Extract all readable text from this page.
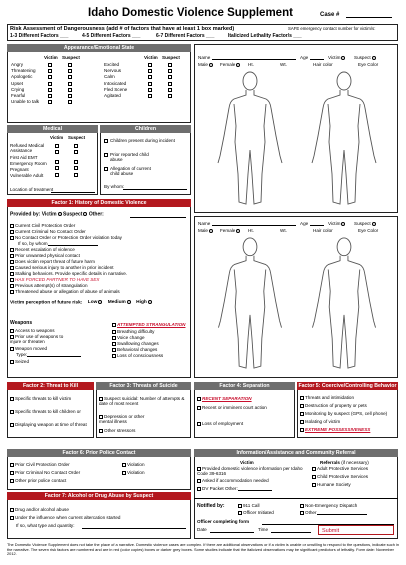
Idaho Domestic Violence Supplement	Case #
Risk Assessment of Dangerousness (add # of factors that have at least 1 box marked)	SAFE emergency contact number for victim/s:
1-3 Different Factors ___	4-5 Different Factors ___	6-7 Different Factors ___	Italicized Lethality Factor/s ___
Appearance/Emotional State
Victim Suspect	Victim Suspect
Angry
Threatening
Apologetic
Upset
Crying
Fearful
Unable to talk
Excited
Nervous
Calm
Intoxicated
Fled Scene
Agitated
Medical
Victim Suspect
Refused Medical Assistance
First Aid EMT
Emergency Room
Pregnant
Vulnerable Adult
Location of treatment
Children
Children present during incident
Prior reported child abuse
Allegation of current child abuse
By whom:
Name	Age	Victim	Suspect
Male	Female	Ht.	Wt.	Hair color	Eye Color
Factor 1: History of Domestic Violence
Provided by: Victim Suspect Other:
Current Civil Protection Order
Current Criminal No Contact Order
No Contact Order or Protection Order violation today
If so, by whom
Recent escalation of violence
Prior unwanted physical contact
Does victim report threat of future harm
Caused serious injury to another in prior incident
Stalking behaviors. Provide specific details in narrative.
HAS FORCED PARTNER TO HAVE SEX
Previous attempt(s) of strangulation
Threatened abuse or allegation of abuse of animals
Victim perception of future risk: Low Medium High
Weapons
Access to weapons
Prior use of weapons to injure or threaten
Weapon moved
Type:
Seized
ATTEMPTED STRANGULATION
Breathing difficulty
Voice change
Swallowing changes
Behavioral changes
Loss of consciousness
Name	Age	Victim	Suspect
Male	Female	Ht.	Wt.	Hair color	Eye Color
Factor 2: Threat to Kill
Specific threats to kill victim
Specific threats to kill children or
Displaying weapon at time of threat
Factor 3: Threats of Suicide
Suspect suicidal: Number of attempts & date of most recent
Depression or other mental illness
Other stressors
Factor 4: Separation
RECENT SEPARATION
Recent or imminent court action
Loss of employment
Factor 5: Coercive/Controlling Behavior
Threats and intimidation
Destruction of property or pets
Monitoring by suspect (GPS, cell phone)
Isolating of victim
EXTREME POSSESSIVENESS
Factor 6: Prior Police Contact
Prior Civil Protection Order
Prior Criminal No Contact Order
Other prior police contact
Violation
Violation
Factor 7: Alcohol or Drug Abuse by Suspect
Drug and/or alcohol abuse
Under the influence when current altercation started
If so, what type and quantity:
Information/Assistance and Community Referral
Victim	Referrals (if necessary)
Provided domestic violence information per Idaho Code 39-6316
Asked if accommodation needed
DV Packet Other:
Adult Protective Services
Child Protective Services
Humane Society
Notified by:	911 Call
Officer Initiated
Non-Emergency Dispatch
Other
Officer completing form
Date	Time	Submit
The Domestic Violence Supplement does not take the place of a narrative. Domestic violence cases are complex. If there are additional observations or if a victim is unable or unwilling to respond to the questions, indicate such in the narrative. The seven risk factors are numbered and are in red (color copies) boxes or darker grey boxes. Some studies indicate that the italicized observations may be significant predictors of lethality. Form date: November 2012.
